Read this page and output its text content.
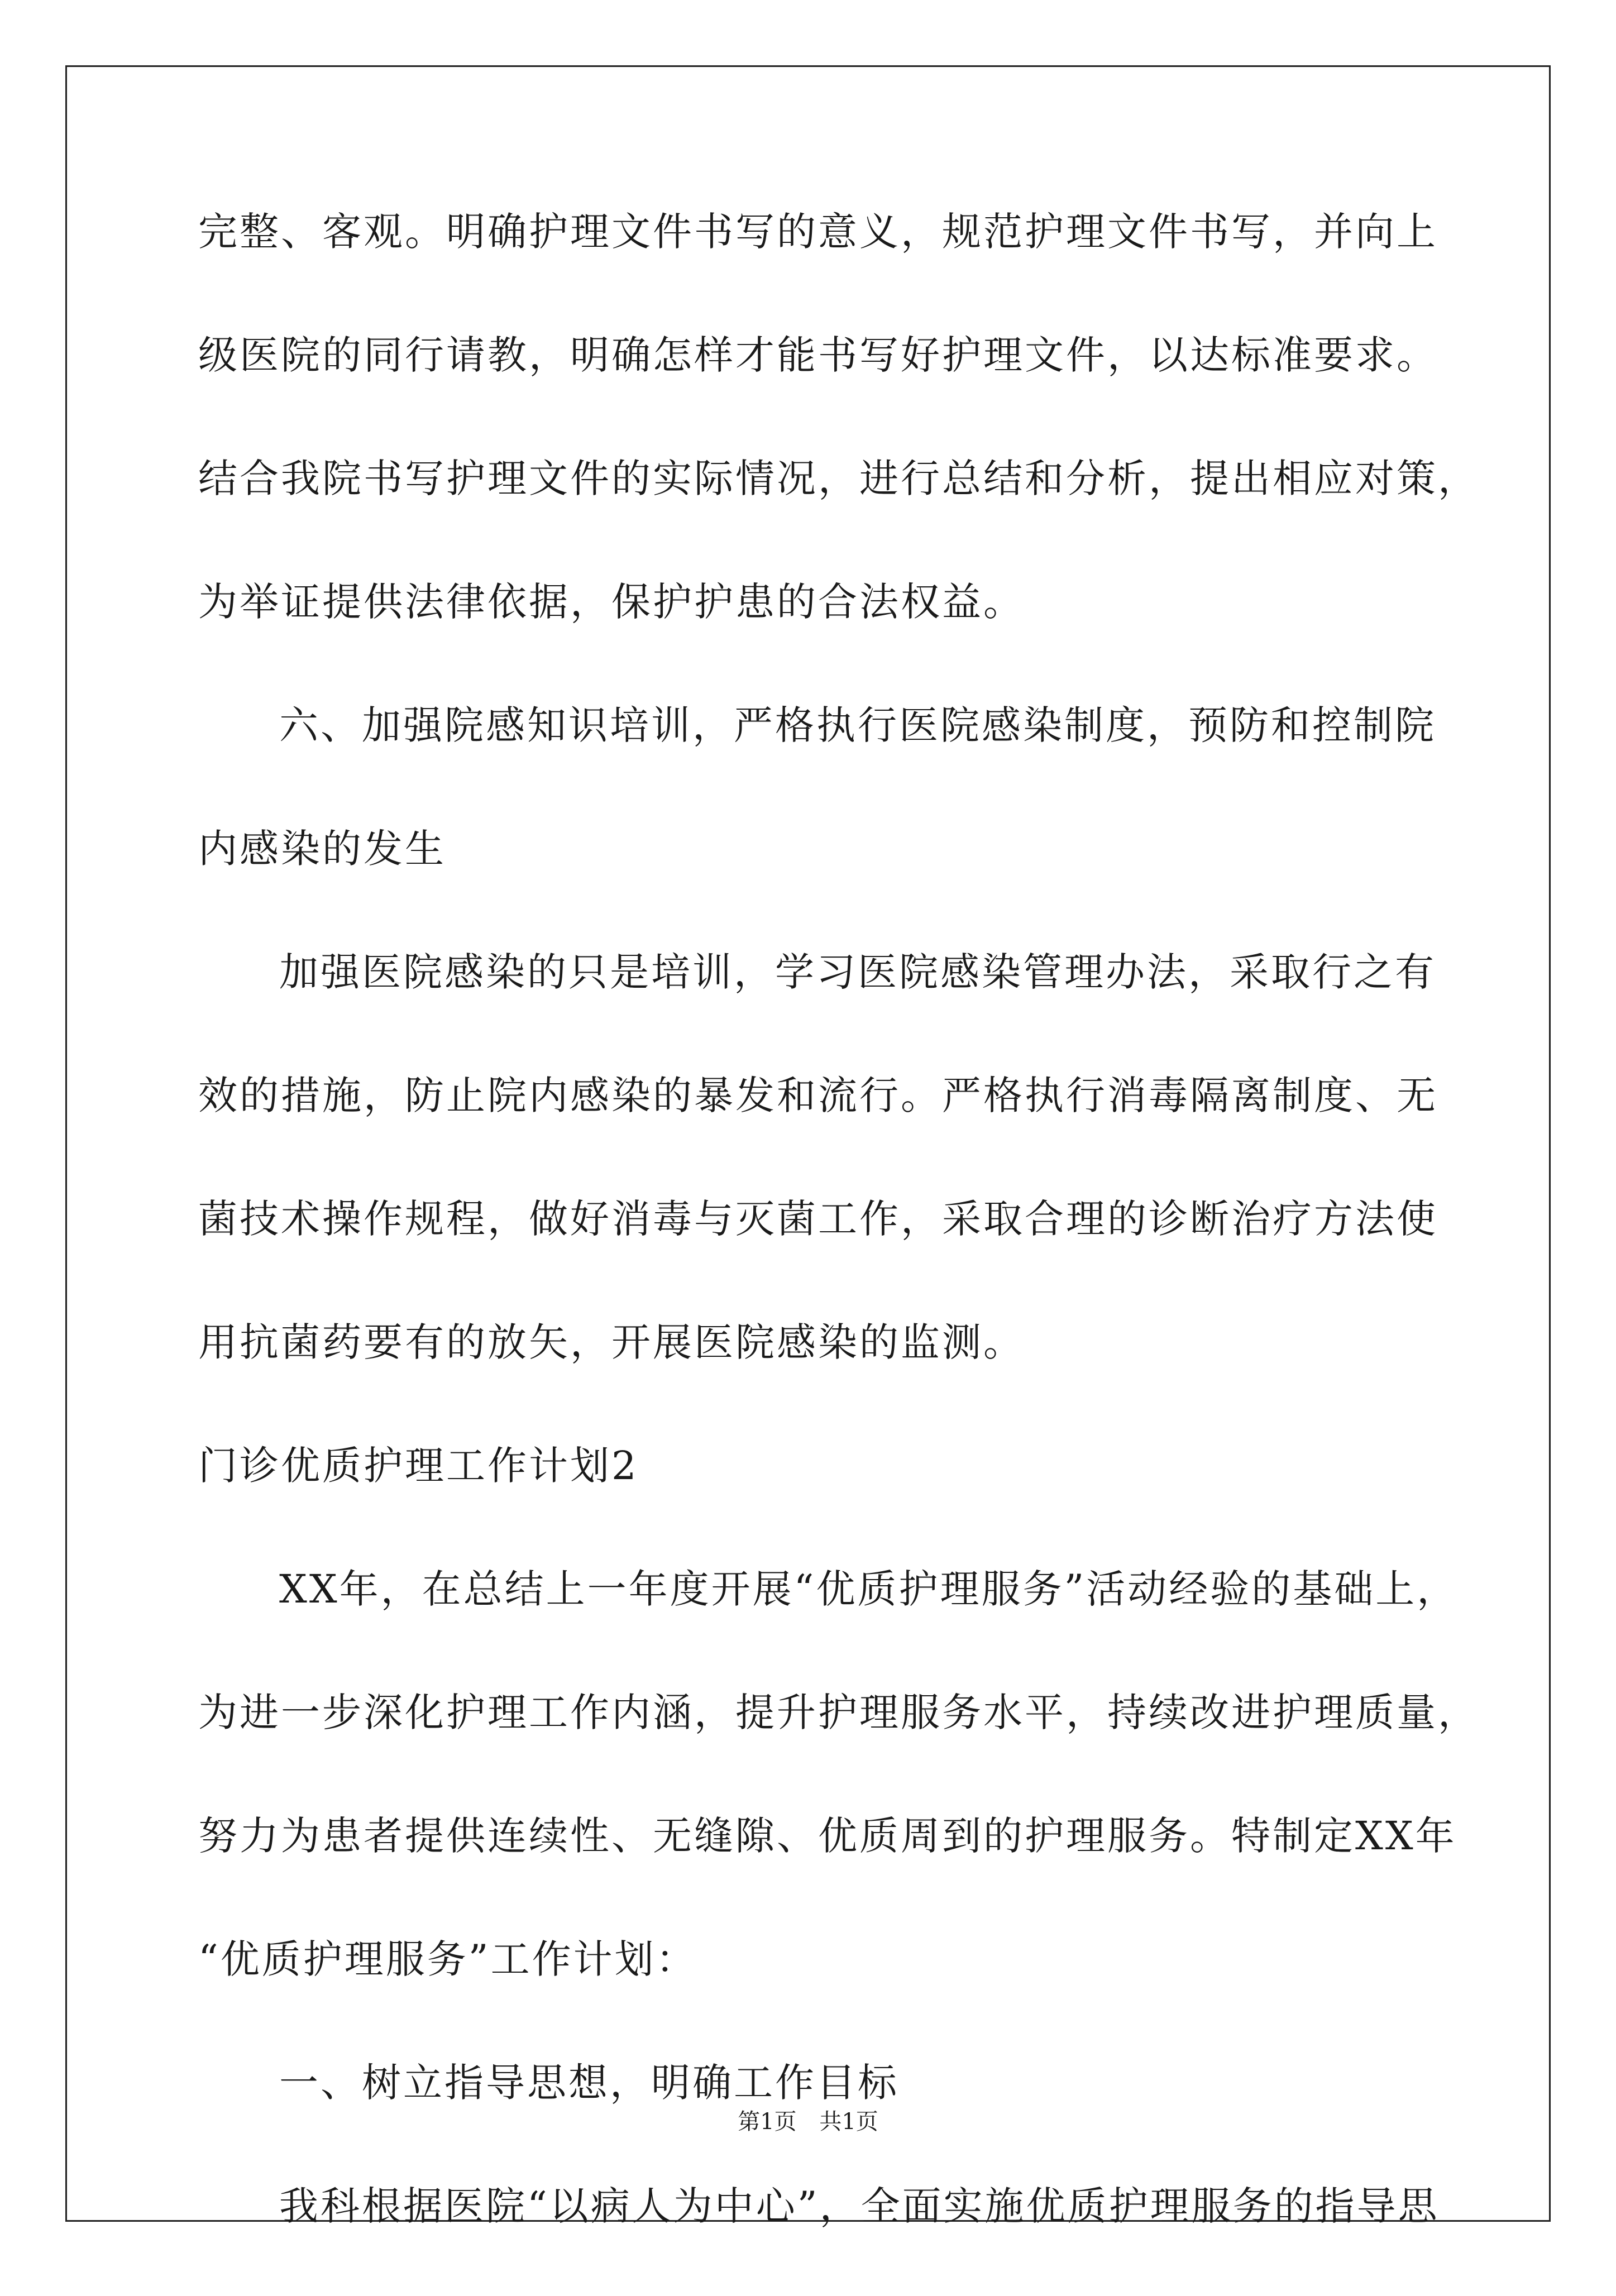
完整、客观。明确护理文件书写的意义，规范护理文件书写，并向上
级医院的同行请教，明确怎样才能书写好护理文件，以达标准要求。
结合我院书写护理文件的实际情况，进行总结和分析，提出相应对策，
为举证提供法律依据，保护护患的合法权益。
六、加强院感知识培训，严格执行医院感染制度，预防和控制院
内感染的发生
加强医院感染的只是培训，学习医院感染管理办法，采取行之有
效的措施，防止院内感染的暴发和流行。严格执行消毒隔离制度、无
菌技术操作规程，做好消毒与灭菌工作，采取合理的诊断治疗方法使
用抗菌药要有的放矢，开展医院感染的监测。
门诊优质护理工作计划2
XX年，在总结上一年度开展“优质护理服务”活动经验的基础上，
为进一步深化护理工作内涵，提升护理服务水平，持续改进护理质量，
努力为患者提供连续性、无缝隙、优质周到的护理服务。特制定XX年
“优质护理服务”工作计划：
一、树立指导思想，明确工作目标
我科根据医院“以病人为中心”，全面实施优质护理服务的指导思
第1页 共1页
